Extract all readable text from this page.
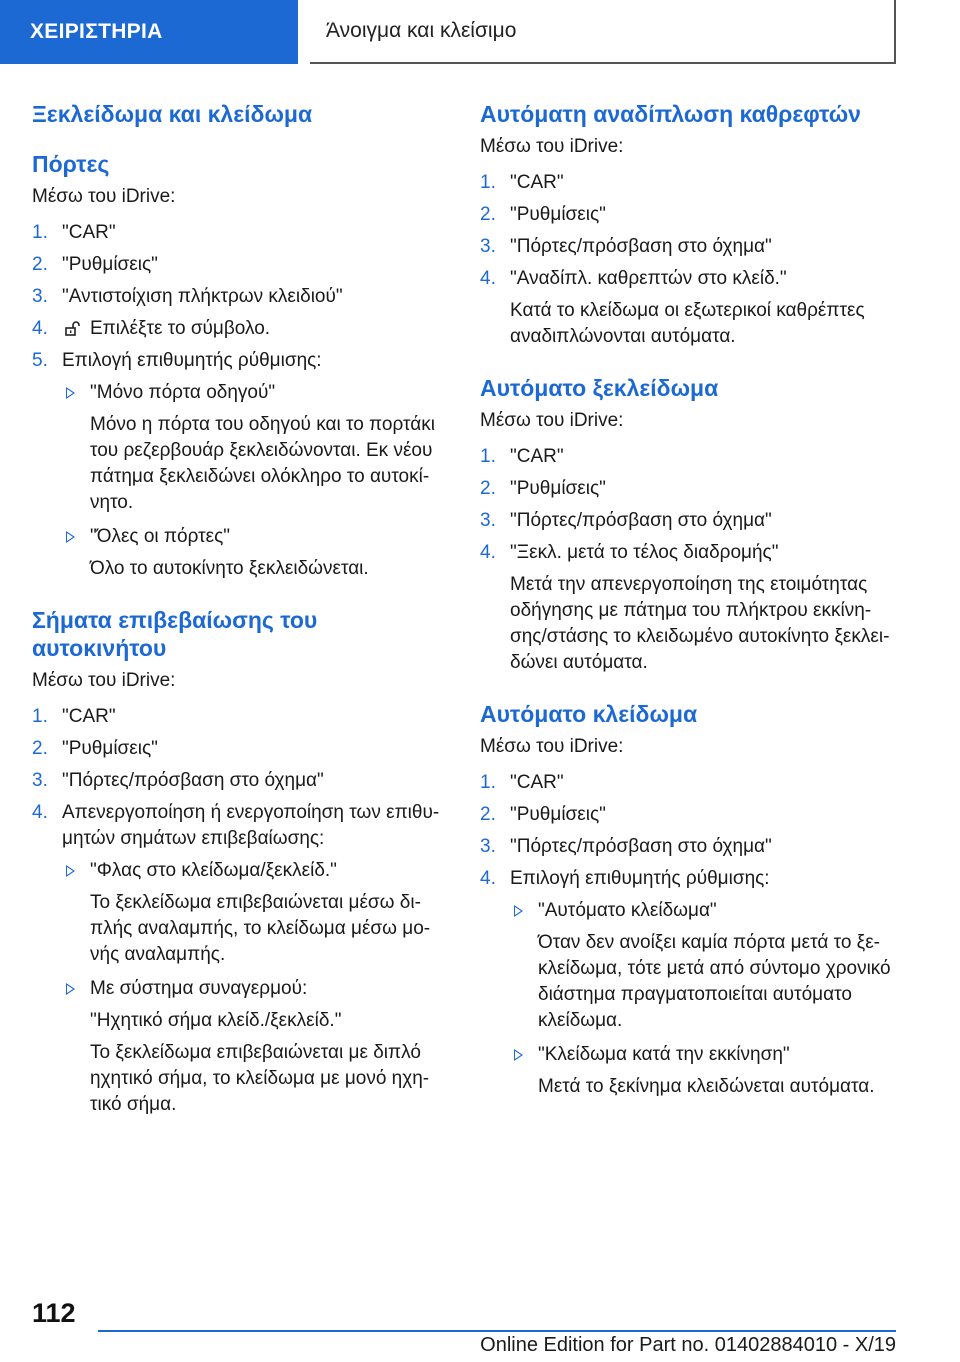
ΧΕΙΡΙΣΤΗΡΙΑ	Άνοιγμα και κλείσιμο
Ξεκλείδωμα και κλείδωμα
Πόρτες

Μέσω του iDrive:

1. "CAR"
2. "Ρυθμίσεις"
3. "Αντιστοίχιση πλήκτρων κλειδιού"
4. Επιλέξτε το σύμβολο.
5. Επιλογή επιθυμητής ρύθμισης:
"Μόνο πόρτα οδηγού"
Μόνο η πόρτα του οδηγού και το πορτάκι του ρεζερβουάρ ξεκλειδώνονται. Εκ νέου πάτημα ξεκλειδώνει ολόκληρο το αυτοκίνητο.
"Όλες οι πόρτες"
Όλο το αυτοκίνητο ξεκλειδώνεται.
Σήματα επιβεβαίωσης του αυτοκινήτου

Μέσω του iDrive:

1. "CAR"
2. "Ρυθμίσεις"
3. "Πόρτες/πρόσβαση στο όχημα"
4. Απενεργοποίηση ή ενεργοποίηση των επιθυμητών σημάτων επιβεβαίωσης:
"Φλας στο κλείδωμα/ξεκλείδ."
Το ξεκλείδωμα επιβεβαιώνεται μέσω διπλής αναλαμπής, το κλείδωμα μέσω μονής αναλαμπής.
Με σύστημα συναγερμού:
"Ηχητικό σήμα κλείδ./ξεκλείδ."
Το ξεκλείδωμα επιβεβαιώνεται με διπλό ηχητικό σήμα, το κλείδωμα με μονό ηχητικό σήμα.
Αυτόματη αναδίπλωση καθρεφτών

Μέσω του iDrive:

1. "CAR"
2. "Ρυθμίσεις"
3. "Πόρτες/πρόσβαση στο όχημα"
4. "Αναδίπλ. καθρεπτών στο κλείδ."
Κατά το κλείδωμα οι εξωτερικοί καθρέπτες αναδιπλώνονται αυτόματα.
Αυτόματο ξεκλείδωμα

Μέσω του iDrive:

1. "CAR"
2. "Ρυθμίσεις"
3. "Πόρτες/πρόσβαση στο όχημα"
4. "Ξεκλ. μετά το τέλος διαδρομής"
Μετά την απενεργοποίηση της ετοιμότητας οδήγησης με πάτημα του πλήκτρου εκκίνησης/στάσης το κλειδωμένο αυτοκίνητο ξεκλειδώνει αυτόματα.
Αυτόματο κλείδωμα

Μέσω του iDrive:

1. "CAR"
2. "Ρυθμίσεις"
3. "Πόρτες/πρόσβαση στο όχημα"
4. Επιλογή επιθυμητής ρύθμισης:
"Αυτόματο κλείδωμα"
Όταν δεν ανοίξει καμία πόρτα μετά το ξεκλείδωμα, τότε μετά από σύντομο χρονικό διάστημα πραγματοποιείται αυτόματο κλείδωμα.
"Κλείδωμα κατά την εκκίνηση"
Μετά το ξεκίνημα κλειδώνεται αυτόματα.
112
Online Edition for Part no. 01402884010 - X/19
